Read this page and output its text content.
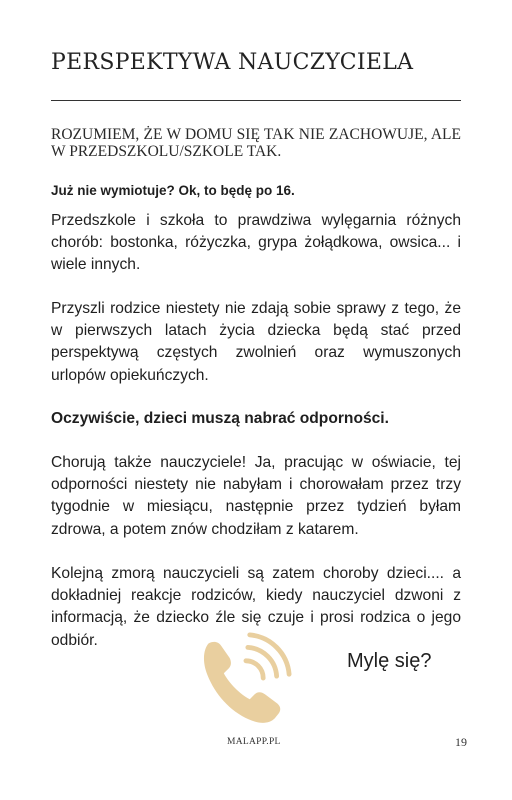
PERSPEKTYWA NAUCZYCIELA
ROZUMIEM, ŻE W DOMU SIĘ TAK NIE ZACHOWUJE, ALE W PRZEDSZKOLU/SZKOLE TAK.
Już nie wymiotuje? Ok, to będę po 16.
Przedszkole i szkoła to prawdziwa wylęgarnia różnych chorób: bostonka, różyczka, grypa żołądkowa, owsica... i wiele innych.
Przyszli rodzice niestety nie zdają sobie sprawy z tego, że w pierwszych latach życia dziecka będą stać przed perspektywą częstych zwolnień oraz wymuszonych urlopów opiekuńczych.
Oczywiście, dzieci muszą nabrać odporności.
Chorują także nauczyciele! Ja, pracując w oświacie, tej odporności niestety nie nabyłam i chorowałam przez trzy tygodnie w miesiącu, następnie przez tydzień byłam zdrowa, a potem znów chodziłam z katarem.
Kolejną zmorą nauczycieli są zatem choroby dzieci.... a dokładniej reakcje rodziców, kiedy nauczyciel dzwoni z informacją, że dziecko źle się czuje i prosi rodzica o jego odbiór.
Mylę się?
MALAPP.PL	19
